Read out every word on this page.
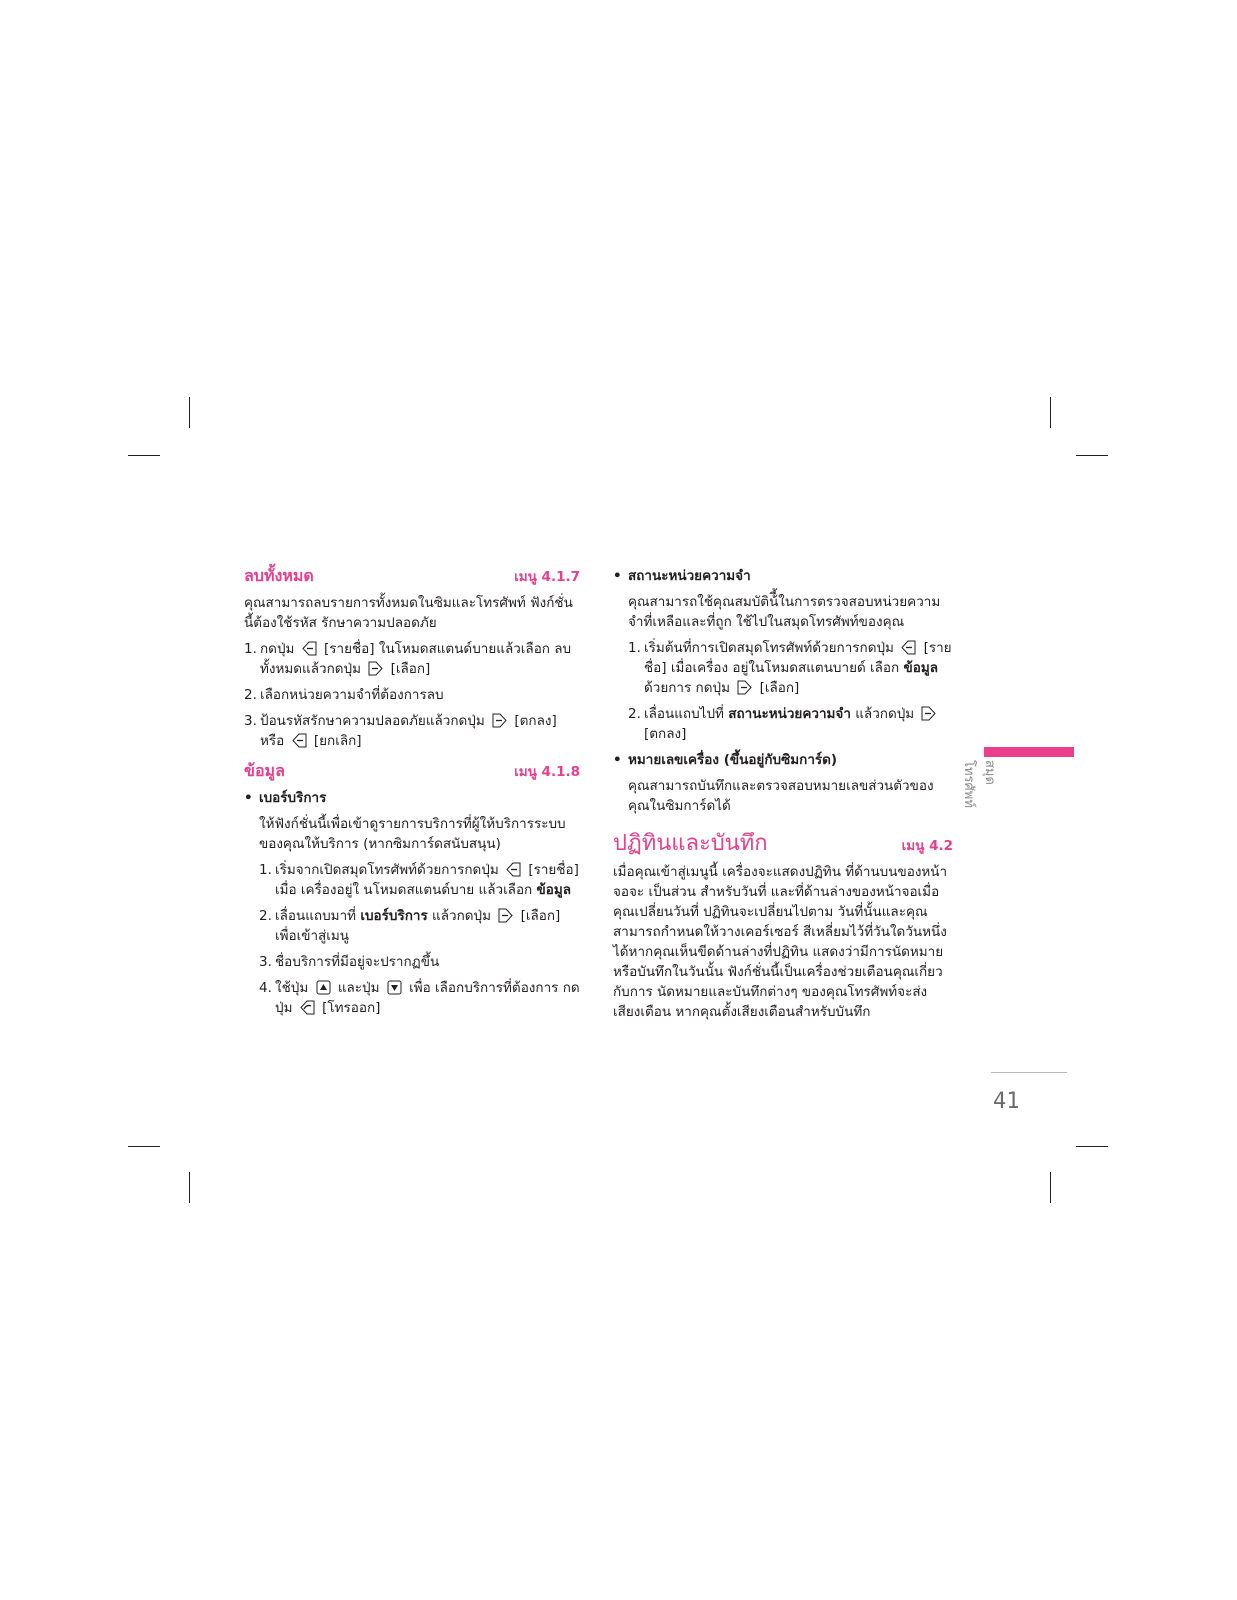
ลบทั้งหมด	เมนู 4.1.7

คุณสามารถลบรายการทั้งหมดในซิมและโทรศัพท์ ฟังก์ชั่นนี้ต้องใช้รหัส รักษาความปลอดภัย

1. กดปุ่ม [รายชื่อ] ในโหมดสแตนด์บายแล้วเลือก ลบทั้งหมดแล้วกดปุ่ม [เลือก]
2. เลือกหน่วยความจำที่ต้องการลบ
3. ป้อนรหัสรักษาความปลอดภัยแล้วกดปุ่ม [ตกลง] หรือ [ยกเลิก]
ข้อมูล	เมนู 4.1.8
• เบอร์บริการ

ให้ฟังก์ชั่นนี้เพื่อเข้าดูรายการบริการที่ผู้ให้บริการระบบของคุณให้บริการ (หากซิมการ์ดสนับสนุน)

1. เริ่มจากเปิดสมุดโทรศัพท์ด้วยการกดปุ่ม [รายชื่อ] เมื่อ เครื่องอยู่ใ นโหมดสแตนด์บาย แล้วเลือก ข้อมูล
2. เลื่อนแถบมาที่ เบอร์บริการ แล้วกดปุ่ม [เลือก] เพื่อเข้าสู่เมนู
3. ชื่อบริการที่มีอยู่จะปรากฏขึ้น
4. ใช้ปุ่ม และปุ่ม เพื่อ เลือกบริการที่ต้องการ กดปุ่ม [โทรออก]
• สถานะหน่วยความจำ

คุณสามารถใช้คุณสมบัติน้ี้ในการตรวจสอบหน่วยความจำที่เหลือและที่ถูก ใช้ไปในสมุดโทรศัพท์ของคุณ

1. เริ่มต้นที่การเปิดสมุดโทรศัพท์ด้วยการกดปุ่ม [รายชื่อ] เมื่อเครื่อง อยู่ในโหมดสแตนบายด์ เลือก ข้อมูล ด้วยการ กดปุ่ม [เลือก]
2. เลื่อนแถบไปที่ สถานะหน่วยความจำ แล้วกดปุ่ม
[ตกลง]
• หมายเลขเครื่อง (ขึ้นอยู่กับซิมการ์ด)

คุณสามารถบันทึกและตรวจสอบหมายเลขส่วนตัวของคุณในซิมการ์ดได้

ปฏิทินและบันทึก	เมนู 4.2

เมื่อคุณเข้าสู่เมนูนี้ เครื่องจะแสดงปฏิทิน ที่ด้านบนของหน้าจอจะ เป็นส่วน สำหรับวันที่ และที่ด้านล่างของหน้าจอเมื่อคุณเปลี่ยนวันที่ ปฏิทินจะเปลี่ยนไปตาม วันที่นั้นและคุณสามารถกำหนดให้วางเคอร์เซอร์ สีเหลี่ยมไว้ที่วันใดวันหนึ่งได้หากคุณเห็นขีดด้านล่างที่ปฏิทิน แสดงว่ามีการนัดหมายหรือบันทึกในวันนั้น ฟังก์ชั่นนี้เป็นเครื่องช่วยเตือนคุณเกี่ยวกับการ นัดหมายและบันทึกต่างๆ ของคุณโทรศัพท์จะส่งเสียงเตือน หากคุณตั้งเสียงเตือนสำหรับบันทึก

สมุดโทรศัพท์
41
